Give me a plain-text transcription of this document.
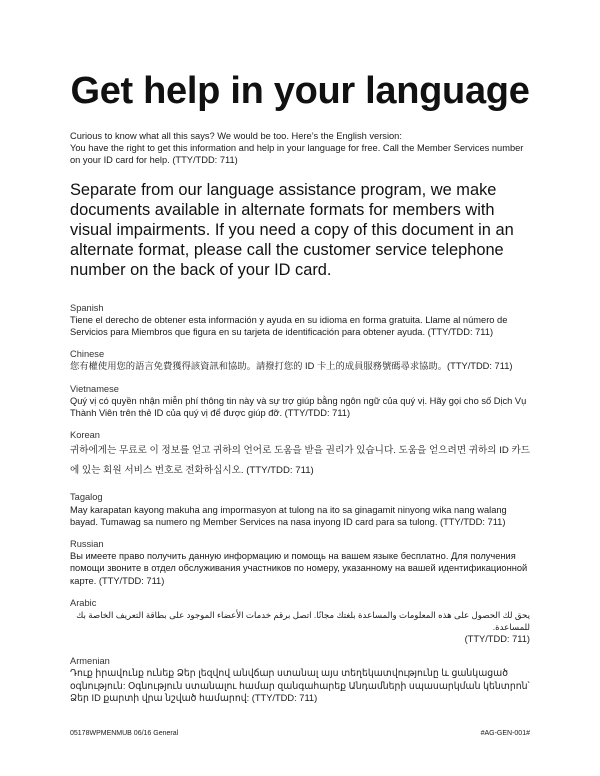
Get help in your language

Curious to know what all this says? We would be too. Here’s the English version:

You have the right to get this information and help in your language for free. Call the Member Services number on your ID card for help. (TTY/TDD: 711)

Separate from our language assistance program, we make documents available in alternate formats for members with visual impairments. If you need a copy of this document in an alternate format, please call the customer service telephone number on the back of your ID card.

Spanish

Tiene el derecho de obtener esta información y ayuda en su idioma en forma gratuita. Llame al número de Servicios para Miembros que figura en su tarjeta de identificación para obtener ayuda. (TTY/TDD: 711)

Chinese

您有權使用您的語言免費獲得該資訊和協助。請撥打您的 ID 卡上的成員服務號碼尋求協助。(TTY/TDD: 711)

Vietnamese

Quý vị có quyền nhận miễn phí thông tin này và sự trợ giúp bằng ngôn ngữ của quý vị. Hãy gọi cho số Dịch Vụ Thành Viên trên thẻ ID của quý vị để được giúp đỡ. (TTY/TDD: 711)

Korean

귀하에게는 무료로 이 정보를 얻고 귀하의 언어로 도움을 받을 권리가 있습니다. 도움을 얻으려면 귀하의 ID 카드에 있는 회원 서비스 번호로 전화하십시오. (TTY/TDD: 711)

Tagalog

May karapatan kayong makuha ang impormasyon at tulong na ito sa ginagamit ninyong wika nang walang bayad. Tumawag sa numero ng Member Services na nasa inyong ID card para sa tulong. (TTY/TDD: 711)

Russian

Вы имеете право получить данную информацию и помощь на вашем языке бесплатно. Для получения помощи звоните в отдел обслуживания участников по номеру, указанному на вашей идентификационной карте. (TTY/TDD: 711)

Arabic

يحق لك الحصول على هذه المعلومات والمساعدة بلغتك مجانًا. اتصل برقم خدمات الأعضاء الموجود على بطاقة التعريف الخاصة بك للمساعدة.

(TTY/TDD: 711)

Armenian

Դուք իրավունք ունեք Ձեր լեզվով անվճար ստանալ այս տեղեկատվությունը և ցանկացած օգնություն: Օգնություն ստանալու համար զանգահարեք Անդամների սպասարկման կենտրոն՝ Ձեր ID քարտի վրա նշված համարով: (TTY/TDD: 711)

05178WPMENMUB 06/16 General	#AG-GEN-001#
